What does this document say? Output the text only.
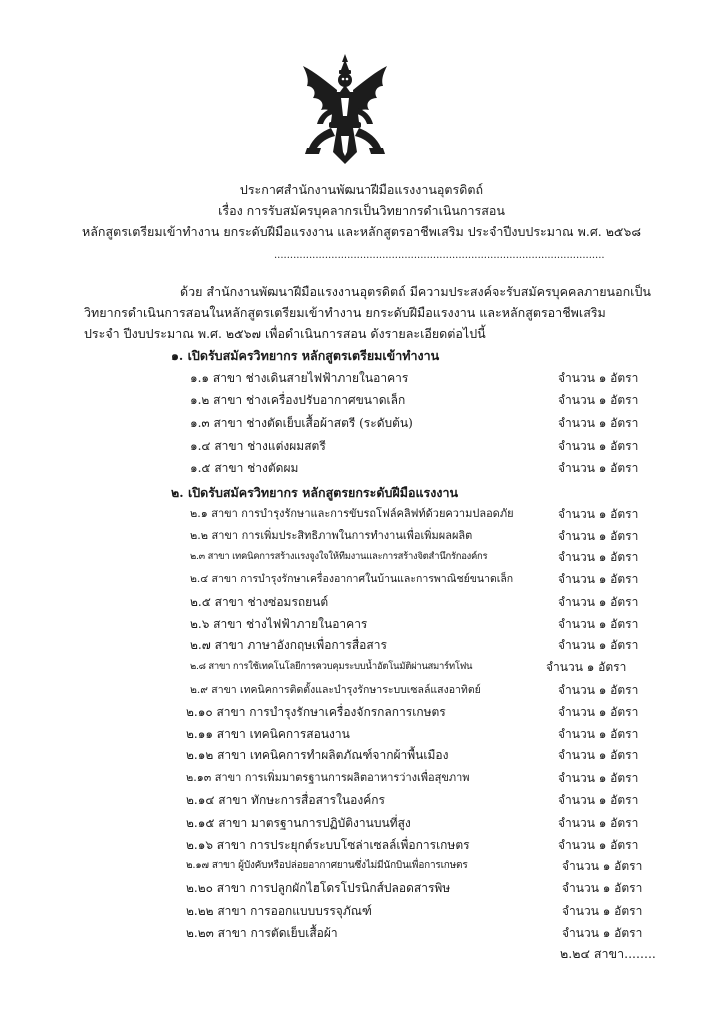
ประกาศสำนักงานพัฒนาฝีมือแรงงานอุตรดิตถ์
เรื่อง การรับสมัครบุคลากรเป็นวิทยากรดำเนินการสอน
หลักสูตรเตรียมเข้าทำงาน ยกระดับฝีมือแรงงาน และหลักสูตรอาชีพเสริม ประจำปีงบประมาณ พ.ศ. ๒๕๖๘
........................................................................................................
ด้วย สำนักงานพัฒนาฝีมือแรงงานอุตรดิตถ์ มีความประสงค์จะรับสมัครบุคคลภายนอกเป็น
วิทยากรดำเนินการสอนในหลักสูตรเตรียมเข้าทำงาน ยกระดับฝีมือแรงงาน และหลักสูตรอาชีพเสริม
ประจำ ปีงบประมาณ พ.ศ. ๒๕๖๗ เพื่อดำเนินการสอน ดังรายละเอียดต่อไปนี้
๑. เปิดรับสมัครวิทยากร หลักสูตรเตรียมเข้าทำงาน
๑.๑ สาขา ช่างเดินสายไฟฟ้าภายในอาคาร	จำนวน ๑ อัตรา
๑.๒ สาขา ช่างเครื่องปรับอากาศขนาดเล็ก	จำนวน ๑ อัตรา
๑.๓ สาขา ช่างตัดเย็บเสื้อผ้าสตรี (ระดับต้น)	จำนวน ๑ อัตรา
๑.๔ สาขา ช่างแต่งผมสตรี	จำนวน ๑ อัตรา
๑.๕ สาขา ช่างตัดผม	จำนวน ๑ อัตรา
๒. เปิดรับสมัครวิทยากร หลักสูตรยกระดับฝีมือแรงงาน
๒.๑ สาขา การบำรุงรักษาและการขับรถโฟล์คลิฟท์ด้วยความปลอดภัย	จำนวน ๑ อัตรา
๒.๒ สาขา การเพิ่มประสิทธิภาพในการทำงานเพื่อเพิ่มผลผลิต	จำนวน ๑ อัตรา
๒.๓ สาขา เทคนิคการสร้างแรงจูงใจให้ทีมงานและการสร้างจิตสำนึกรักองค์กร	จำนวน ๑ อัตรา
๒.๔ สาขา การบำรุงรักษาเครื่องอากาศในบ้านและการพาณิชย์ขนาดเล็ก	จำนวน ๑ อัตรา
๒.๕ สาขา ช่างซ่อมรถยนต์	จำนวน ๑ อัตรา
๒.๖ สาขา ช่างไฟฟ้าภายในอาคาร	จำนวน ๑ อัตรา
๒.๗ สาขา ภาษาอังกฤษเพื่อการสื่อสาร	จำนวน ๑ อัตรา
๒.๘ สาขา การใช้เทคโนโลยีการควบคุมระบบน้ำอัตโนมัติผ่านสมาร์ทโฟน	จำนวน ๑ อัตรา
๒.๙ สาขา เทคนิคการติดตั้งและบำรุงรักษาระบบเซลล์แสงอาทิตย์	จำนวน ๑ อัตรา
๒.๑๐ สาขา การบำรุงรักษาเครื่องจักรกลการเกษตร	จำนวน ๑ อัตรา
๒.๑๑ สาขา เทคนิคการสอนงาน	จำนวน ๑ อัตรา
๒.๑๒ สาขา เทคนิคการทำผลิตภัณฑ์จากผ้าพื้นเมือง	จำนวน ๑ อัตรา
๒.๑๓ สาขา การเพิ่มมาตรฐานการผลิตอาหารว่างเพื่อสุขภาพ	จำนวน ๑ อัตรา
๒.๑๔ สาขา ทักษะการสื่อสารในองค์กร	จำนวน ๑ อัตรา
๒.๑๕ สาขา มาตรฐานการปฏิบัติงานบนที่สูง	จำนวน ๑ อัตรา
๒.๑๖ สาขา การประยุกต์ระบบโซล่าเซลล์เพื่อการเกษตร	จำนวน ๑ อัตรา
๒.๑๗ สาขา ผู้บังคับหรือปล่อยอากาศยานซึ่งไม่มีนักบินเพื่อการเกษตร	จำนวน ๑ อัตรา
๒.๒๐ สาขา การปลูกผักไฮโดรโปรนิกส์ปลอดสารพิษ	จำนวน ๑ อัตรา
๒.๒๒ สาขา การออกแบบบรรจุภัณฑ์	จำนวน ๑ อัตรา
๒.๒๓ สาขา การตัดเย็บเสื้อผ้า	จำนวน ๑ อัตรา
๒.๒๔ สาขา........
